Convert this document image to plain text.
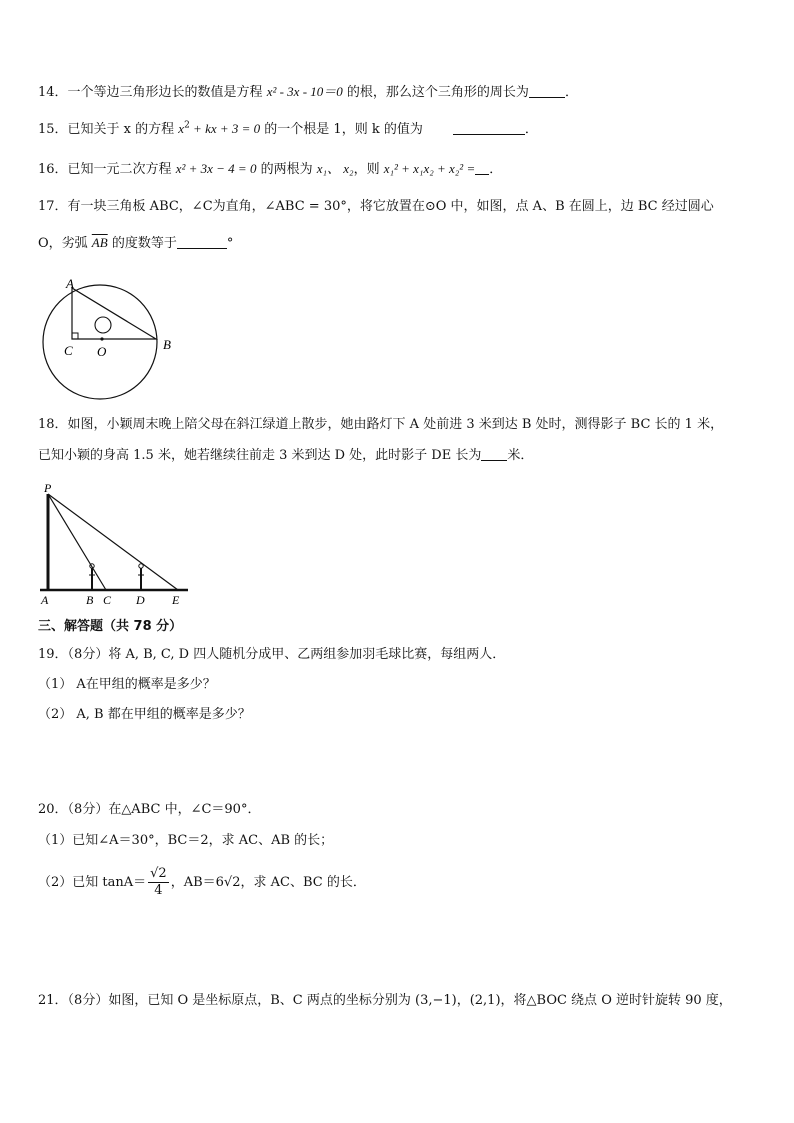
14．一个等边三角形边长的数值是方程 x² - 3x - 10＝0 的根，那么这个三角形的周长为	．
15．已知关于 x 的方程 $x^2$ + kx + 3 = 0 的一个根是 1，则 k 的值为	．
16．已知一元二次方程 x² + 3x − 4 = 0 的两根为 x₁、 x₂，则 x₁² + x₁x₂ + x₂² = ．
17．有一块三角板 ABC，∠C为直角，∠ABC = 30°，将它放置在⊙O 中，如图，点 A、B 在圆上，边 BC 经过圆心
O，劣弧 $\overline{AB}$ 的度数等于	°
A
B
C O
18．如图，小颖周末晚上陪父母在斜江绿道上散步，她由路灯下 A 处前进 3 米到达 B 处时，测得影子 BC 长的 1 米，
已知小颖的身高 1.5 米，她若继续往前走 3 米到达 D 处，此时影子 DE 长为 米．
P
A	B C D E
三、解答题（共 78 分）
19．（8分）将 A, B, C, D 四人随机分成甲、乙两组参加羽毛球比赛，每组两人．
（1） A在甲组的概率是多少？
（2） A, B 都在甲组的概率是多少？
20．（8分）在△ABC 中，∠C＝90°．
（1）已知∠A＝30°，BC＝2，求 AC、AB 的长；
（2）已知 $\tan A= \frac{√2}{4}$ ，AB＝6√2，求 AC、BC 的长．
21．（8分）如图，已知 O 是坐标原点，B、C 两点的坐标分别为 (3,−1)，(2,1)，将△BOC 绕点 O 逆时针旋转 90 度，
